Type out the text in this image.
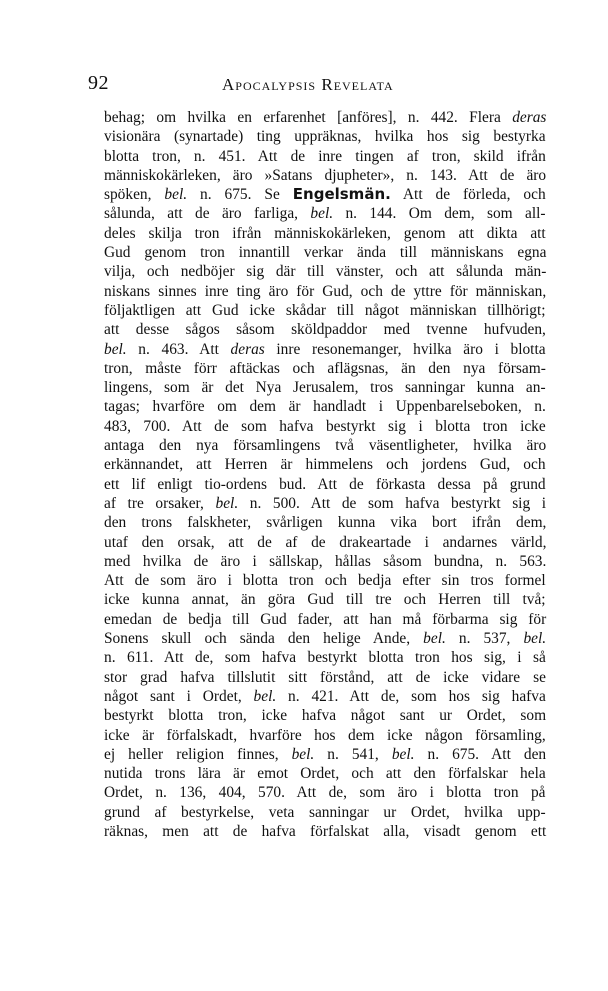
92	Apocalypsis Revelata
behag; om hvilka en erfarenhet [anföres], n. 442. Flera deras
visionära (synartade) ting uppräknas, hvilka hos sig bestyrka
blotta tron, n. 451. Att de inre tingen af tron, skild ifrån
människokärleken, äro »Satans djupheter», n. 143. Att de äro
spöken, bel. n. 675. Se Engelsmän. Att de förleda, och
sålunda, att de äro farliga, bel. n. 144. Om dem, som all-
deles skilja tron ifrån människokärleken, genom att dikta att
Gud genom tron innantill verkar ända till människans egna
vilja, och nedböjer sig där till vänster, och att sålunda män-
niskans sinnes inre ting äro för Gud, och de yttre för människan,
följaktligen att Gud icke skådar till något människan tillhörigt;
att desse sågos såsom sköldpaddor med tvenne hufvuden,
bel. n. 463. Att deras inre resonemanger, hvilka äro i blotta
tron, måste förr aftäckas och aflägsnas, än den nya försam-
lingens, som är det Nya Jerusalem, tros sanningar kunna an-
tagas; hvarföre om dem är handladt i Uppenbarelseboken, n.
483, 700. Att de som hafva bestyrkt sig i blotta tron icke
antaga den nya församlingens två väsentligheter, hvilka äro
erkännandet, att Herren är himmelens och jordens Gud, och
ett lif enligt tio-ordens bud. Att de förkasta dessa på grund
af tre orsaker, bel. n. 500. Att de som hafva bestyrkt sig i
den trons falskheter, svårligen kunna vika bort ifrån dem,
utaf den orsak, att de af de drakeartade i andarnes värld,
med hvilka de äro i sällskap, hållas såsom bundna, n. 563.
Att de som äro i blotta tron och bedja efter sin tros formel
icke kunna annat, än göra Gud till tre och Herren till två;
emedan de bedja till Gud fader, att han må förbarma sig för
Sonens skull och sända den helige Ande, bel. n. 537, bel.
n. 611. Att de, som hafva bestyrkt blotta tron hos sig, i så
stor grad hafva tillslutit sitt förstånd, att de icke vidare se
något sant i Ordet, bel. n. 421. Att de, som hos sig hafva
bestyrkt blotta tron, icke hafva något sant ur Ordet, som
icke är förfalskadt, hvarföre hos dem icke någon församling,
ej heller religion finnes, bel. n. 541, bel. n. 675. Att den
nutida trons lära är emot Ordet, och att den förfalskar hela
Ordet, n. 136, 404, 570. Att de, som äro i blotta tron på
grund af bestyrkelse, veta sanningar ur Ordet, hvilka upp-
räknas, men att de hafva förfalskat alla, visadt genom ett
